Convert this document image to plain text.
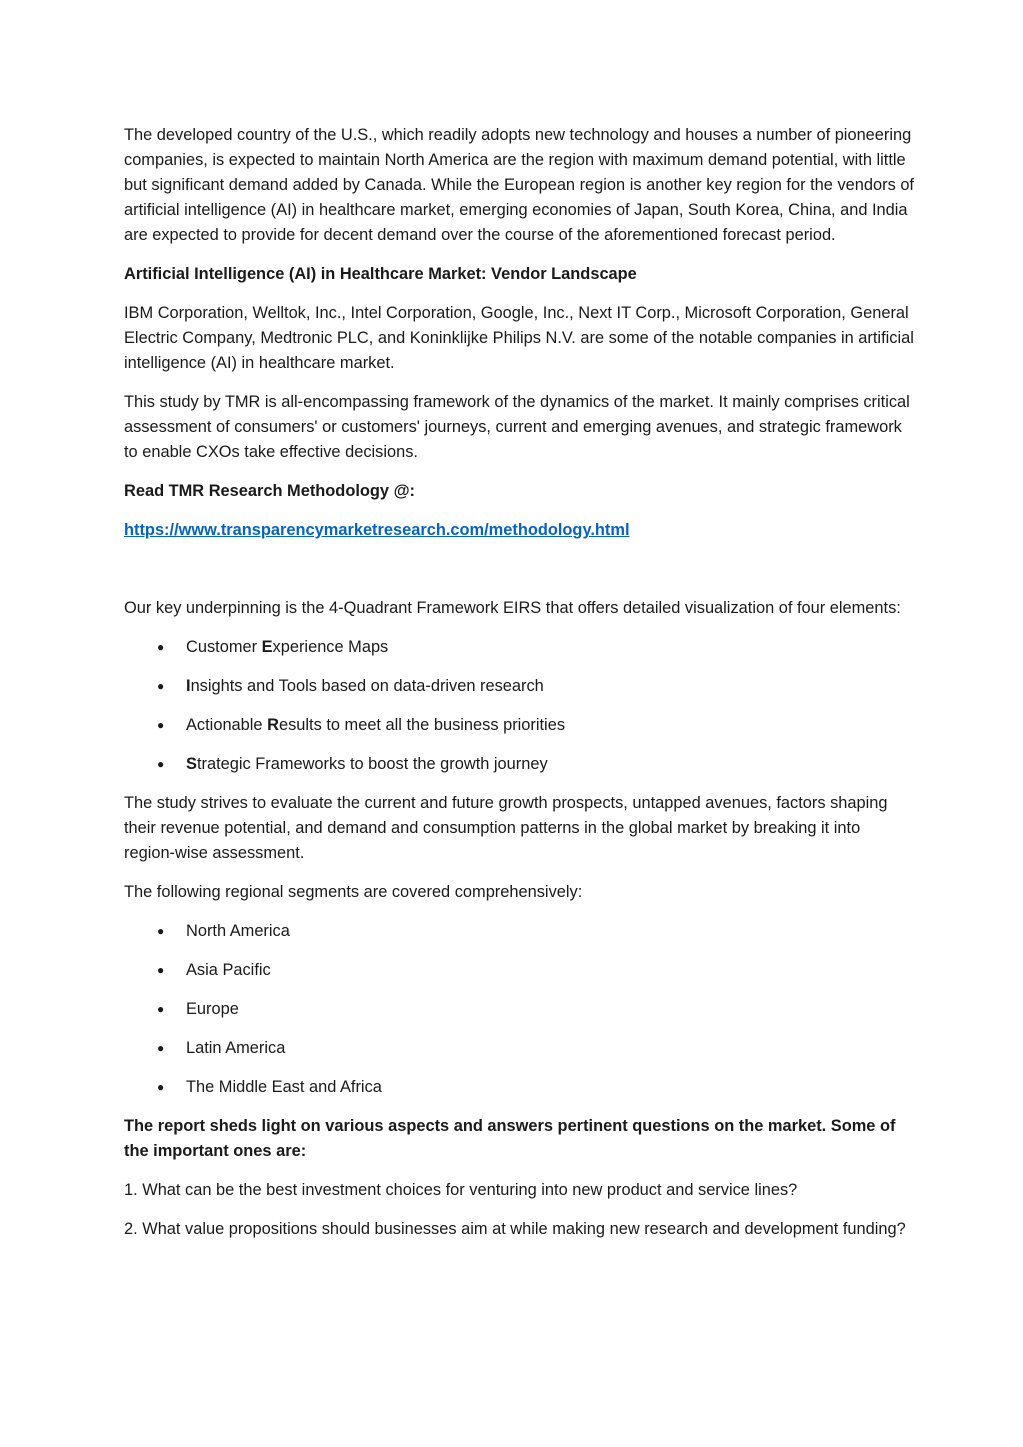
The developed country of the U.S., which readily adopts new technology and houses a number of pioneering companies, is expected to maintain North America are the region with maximum demand potential, with little but significant demand added by Canada. While the European region is another key region for the vendors of artificial intelligence (AI) in healthcare market, emerging economies of Japan, South Korea, China, and India are expected to provide for decent demand over the course of the aforementioned forecast period.

Artificial Intelligence (AI) in Healthcare Market: Vendor Landscape

IBM Corporation, Welltok, Inc., Intel Corporation, Google, Inc., Next IT Corp., Microsoft Corporation, General Electric Company, Medtronic PLC, and Koninklijke Philips N.V. are some of the notable companies in artificial intelligence (AI) in healthcare market.

This study by TMR is all-encompassing framework of the dynamics of the market. It mainly comprises critical assessment of consumers' or customers' journeys, current and emerging avenues, and strategic framework to enable CXOs take effective decisions.

Read TMR Research Methodology @:

https://www.transparencymarketresearch.com/methodology.html

Our key underpinning is the 4-Quadrant Framework EIRS that offers detailed visualization of four elements:

● Customer Experience Maps
● Insights and Tools based on data-driven research
● Actionable Results to meet all the business priorities
● Strategic Frameworks to boost the growth journey

The study strives to evaluate the current and future growth prospects, untapped avenues, factors shaping their revenue potential, and demand and consumption patterns in the global market by breaking it into region-wise assessment.

The following regional segments are covered comprehensively:

● North America
● Asia Pacific
● Europe
● Latin America
● The Middle East and Africa

The report sheds light on various aspects and answers pertinent questions on the market. Some of the important ones are:

1. What can be the best investment choices for venturing into new product and service lines?

2. What value propositions should businesses aim at while making new research and development funding?
